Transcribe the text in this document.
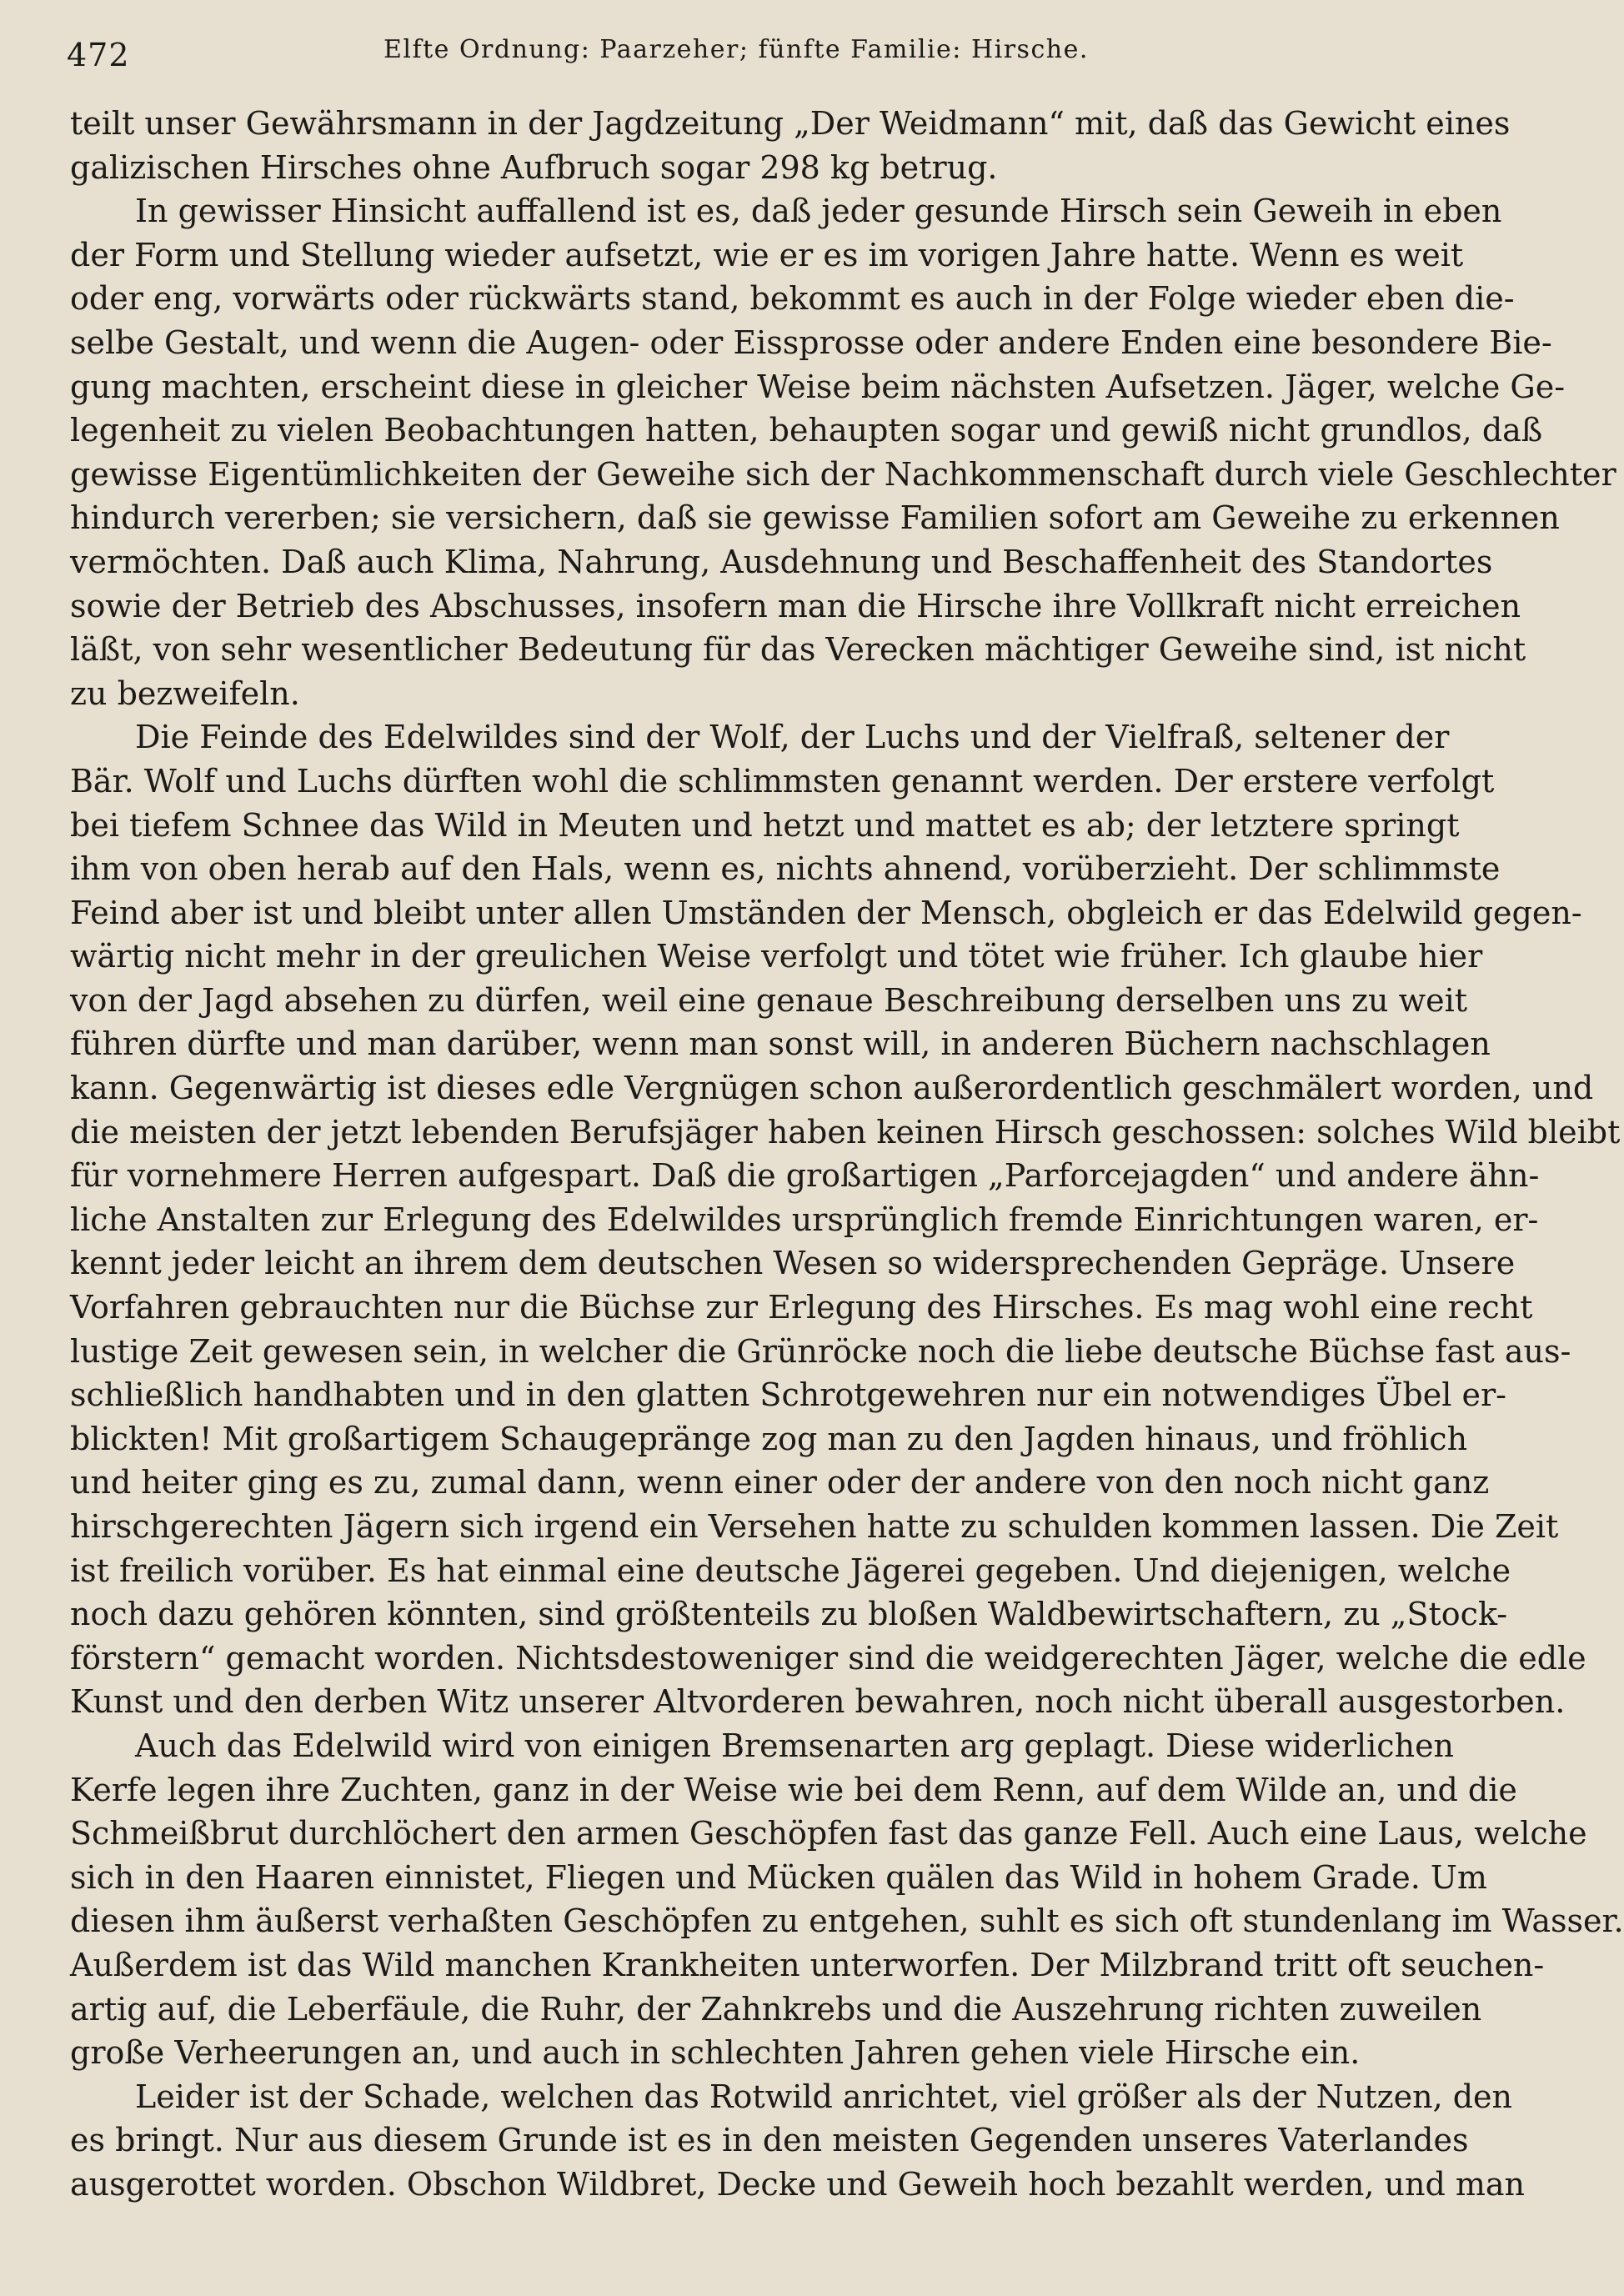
472	Elfte Ordnung: Paarzeher; fünfte Familie: Hirsche.
teilt unser Gewährsmann in der Jagdzeitung „Der Weidmann“ mit, daß das Gewicht eines
galizischen Hirsches ohne Aufbruch sogar 298 kg betrug.
In gewisser Hinsicht auffallend ist es, daß jeder gesunde Hirsch sein Geweih in eben
der Form und Stellung wieder aufsetzt, wie er es im vorigen Jahre hatte. Wenn es weit
oder eng, vorwärts oder rückwärts stand, bekommt es auch in der Folge wieder eben die-
selbe Gestalt, und wenn die Augen- oder Eissprosse oder andere Enden eine besondere Bie-
gung machten, erscheint diese in gleicher Weise beim nächsten Aufsetzen. Jäger, welche Ge-
legenheit zu vielen Beobachtungen hatten, behaupten sogar und gewiß nicht grundlos, daß
gewisse Eigentümlichkeiten der Geweihe sich der Nachkommenschaft durch viele Geschlechter
hindurch vererben; sie versichern, daß sie gewisse Familien sofort am Geweihe zu erkennen
vermöchten. Daß auch Klima, Nahrung, Ausdehnung und Beschaffenheit des Standortes
sowie der Betrieb des Abschusses, insofern man die Hirsche ihre Vollkraft nicht erreichen
läßt, von sehr wesentlicher Bedeutung für das Verecken mächtiger Geweihe sind, ist nicht
zu bezweifeln.
Die Feinde des Edelwildes sind der Wolf, der Luchs und der Vielfraß, seltener der
Bär. Wolf und Luchs dürften wohl die schlimmsten genannt werden. Der erstere verfolgt
bei tiefem Schnee das Wild in Meuten und hetzt und mattet es ab; der letztere springt
ihm von oben herab auf den Hals, wenn es, nichts ahnend, vorüberzieht. Der schlimmste
Feind aber ist und bleibt unter allen Umständen der Mensch, obgleich er das Edelwild gegen-
wärtig nicht mehr in der greulichen Weise verfolgt und tötet wie früher. Ich glaube hier
von der Jagd absehen zu dürfen, weil eine genaue Beschreibung derselben uns zu weit
führen dürfte und man darüber, wenn man sonst will, in anderen Büchern nachschlagen
kann. Gegenwärtig ist dieses edle Vergnügen schon außerordentlich geschmälert worden, und
die meisten der jetzt lebenden Berufsjäger haben keinen Hirsch geschossen: solches Wild bleibt
für vornehmere Herren aufgespart. Daß die großartigen „Parforcejagden“ und andere ähn-
liche Anstalten zur Erlegung des Edelwildes ursprünglich fremde Einrichtungen waren, er-
kennt jeder leicht an ihrem dem deutschen Wesen so widersprechenden Gepräge. Unsere
Vorfahren gebrauchten nur die Büchse zur Erlegung des Hirsches. Es mag wohl eine recht
lustige Zeit gewesen sein, in welcher die Grünröcke noch die liebe deutsche Büchse fast aus-
schließlich handhabten und in den glatten Schrotgewehren nur ein notwendiges Übel er-
blickten! Mit großartigem Schaugepränge zog man zu den Jagden hinaus, und fröhlich
und heiter ging es zu, zumal dann, wenn einer oder der andere von den noch nicht ganz
hirschgerechten Jägern sich irgend ein Versehen hatte zu schulden kommen lassen. Die Zeit
ist freilich vorüber. Es hat einmal eine deutsche Jägerei gegeben. Und diejenigen, welche
noch dazu gehören könnten, sind größtenteils zu bloßen Waldbewirtschaftern, zu „Stock-
förstern“ gemacht worden. Nichtsdestoweniger sind die weidgerechten Jäger, welche die edle
Kunst und den derben Witz unserer Altvorderen bewahren, noch nicht überall ausgestorben.
Auch das Edelwild wird von einigen Bremsenarten arg geplagt. Diese widerlichen
Kerfe legen ihre Zuchten, ganz in der Weise wie bei dem Renn, auf dem Wilde an, und die
Schmeißbrut durchlöchert den armen Geschöpfen fast das ganze Fell. Auch eine Laus, welche
sich in den Haaren einnistet, Fliegen und Mücken quälen das Wild in hohem Grade. Um
diesen ihm äußerst verhaßten Geschöpfen zu entgehen, suhlt es sich oft stundenlang im Wasser.
Außerdem ist das Wild manchen Krankheiten unterworfen. Der Milzbrand tritt oft seuchen-
artig auf, die Leberfäule, die Ruhr, der Zahnkrebs und die Auszehrung richten zuweilen
große Verheerungen an, und auch in schlechten Jahren gehen viele Hirsche ein.
Leider ist der Schade, welchen das Rotwild anrichtet, viel größer als der Nutzen, den
es bringt. Nur aus diesem Grunde ist es in den meisten Gegenden unseres Vaterlandes
ausgerottet worden. Obschon Wildbret, Decke und Geweih hoch bezahlt werden, und man
